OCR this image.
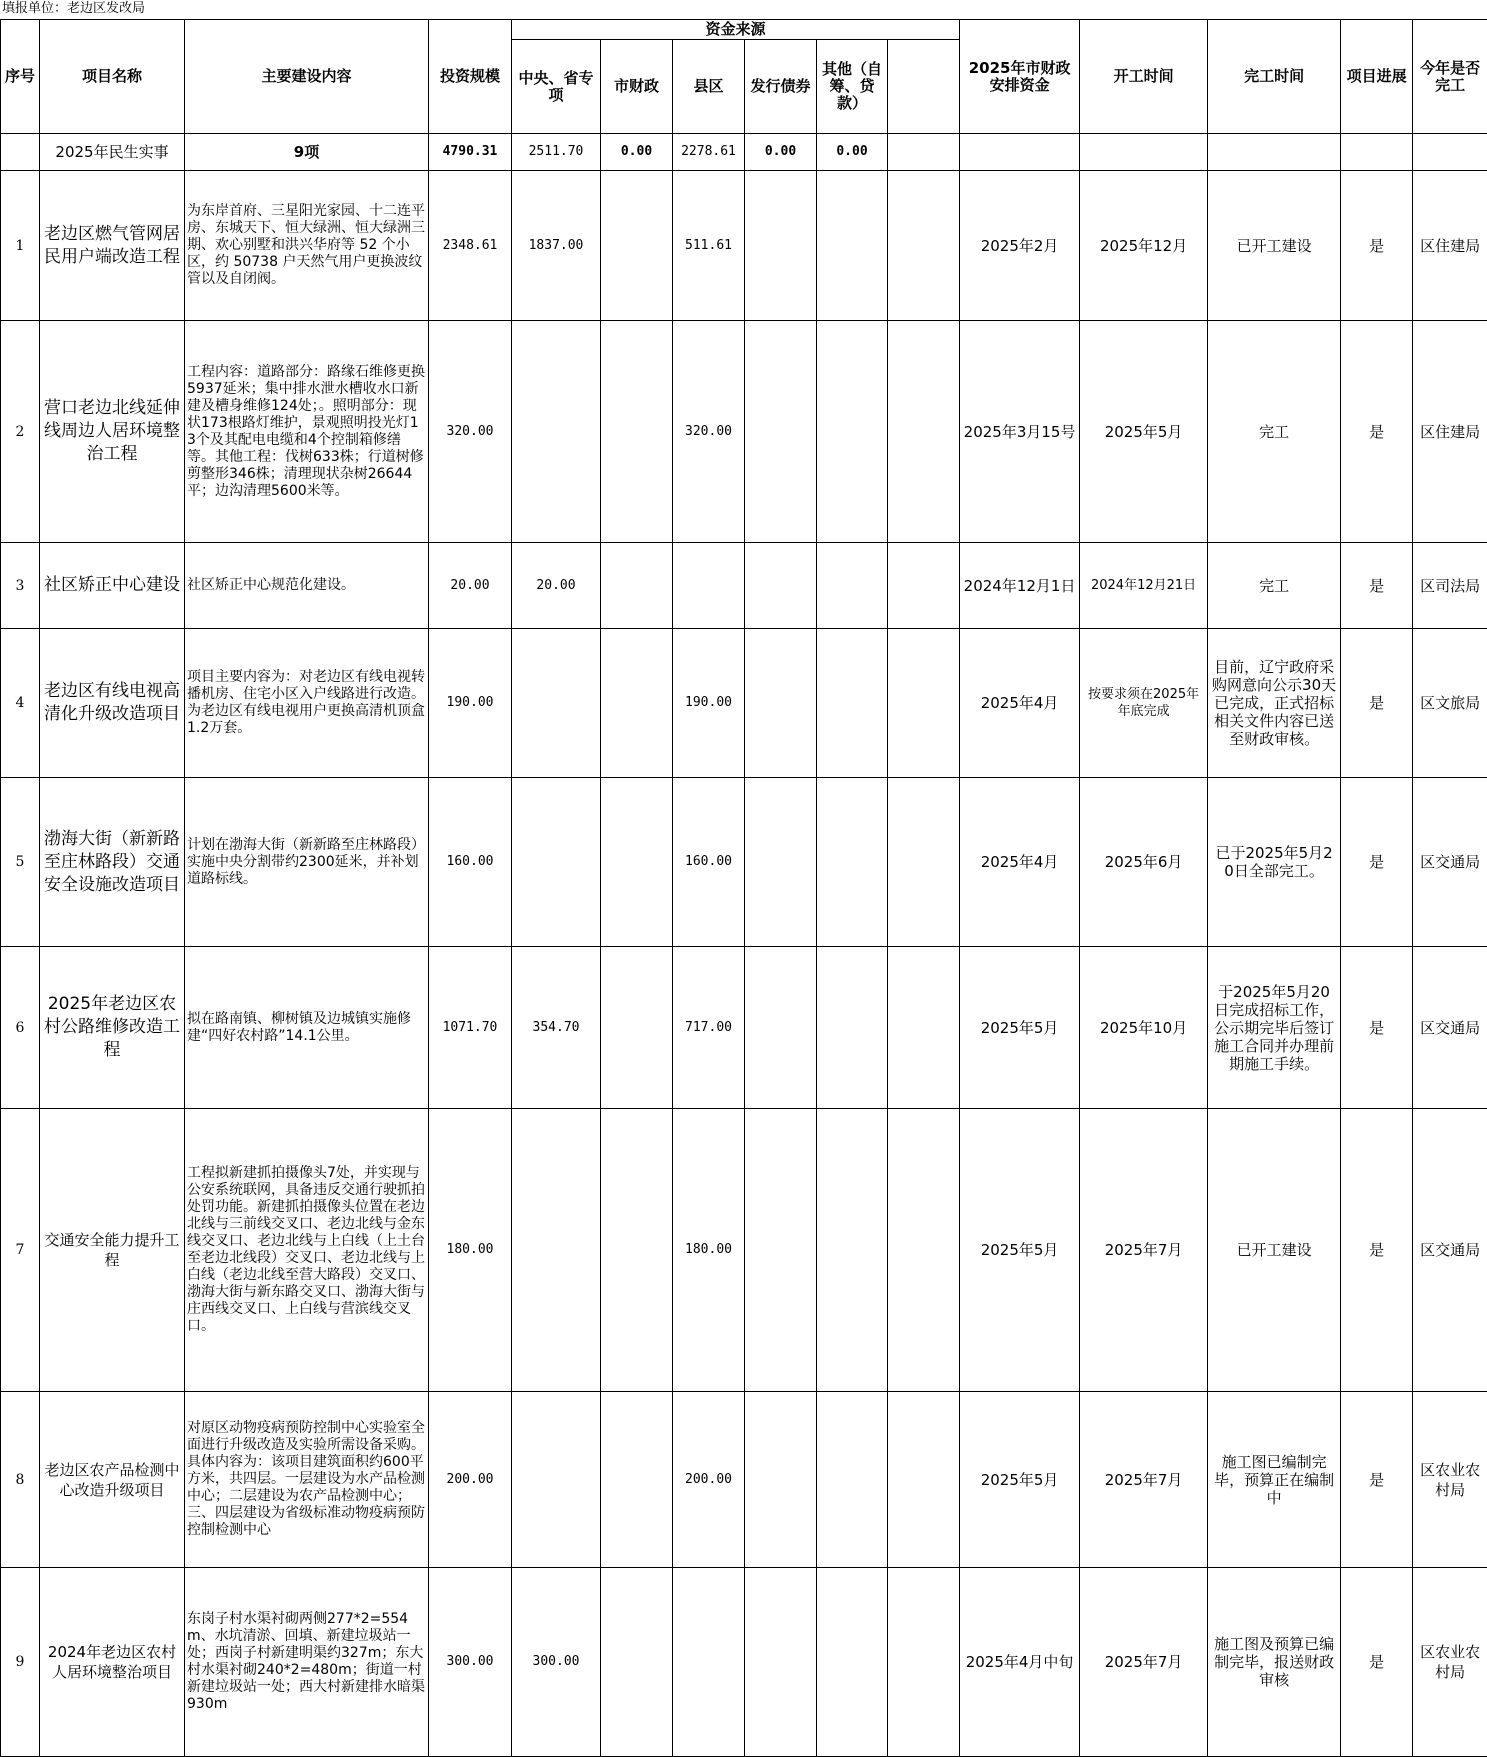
填报单位：老边区发改局
序号	项目名称	主要建设内容	投资规模	资金来源						2025年市财政安排资金	开工时间	完工时间	项目进展	今年是否完工	
				中央、省专项	市财政	县区	发行债券	其他（自筹、贷款）							
	2025年民生实事	9项	4790.31	2511.70	0.00	2278.61	0.00	0.00							
1	老边区燃气管网居民用户端改造工程	为东岸首府、三星阳光家园、十二连平房、东城天下、恒大绿洲、恒大绿洲三期、欢心别墅和洪兴华府等 52 个小区，约 50738 户天然气用户更换波纹管以及自闭阀。	2348.61	1837.00		511.61				2025年2月	2025年12月	已开工建设	是	区住建局	
2	营口老边北线延伸线周边人居环境整治工程	工程内容：道路部分：路缘石维修更换5937延米；集中排水泄水槽收水口新建及槽身维修124处；。照明部分：现状173根路灯维护，景观照明投光灯13个及其配电电缆和4个控制箱修缮等。其他工程：伐树633株；行道树修剪整形346株；清理现状杂树26644平；边沟清理5600米等。	320.00			320.00				2025年3月15号	2025年5月	完工	是	区住建局	
3	社区矫正中心建设	社区矫正中心规范化建设。	20.00	20.00						2024年12月1日	2024年12月21日	完工	是	区司法局	
4	老边区有线电视高清化升级改造项目	项目主要内容为：对老边区有线电视转播机房、住宅小区入户线路进行改造。为老边区有线电视用户更换高清机顶盒1.2万套。	190.00			190.00				2025年4月	按要求须在2025年年底完成	目前，辽宁政府采购网意向公示30天已完成，正式招标相关文件内容已送至财政审核。	是	区文旅局	
5	渤海大街（新新路至庄林路段）交通安全设施改造项目	计划在渤海大街（新新路至庄林路段）实施中央分割带约2300延米，并补划道路标线。	160.00			160.00				2025年4月	2025年6月	已于2025年5月20日全部完工。	是	区交通局	
6	2025年老边区农村公路维修改造工程	拟在路南镇、柳树镇及边城镇实施修建“四好农村路”14.1公里。	1071.70	354.70		717.00				2025年5月	2025年10月	于2025年5月20日完成招标工作，公示期完毕后签订施工合同并办理前期施工手续。	是	区交通局	
7	交通安全能力提升工程	工程拟新建抓拍摄像头7处，并实现与公安系统联网，具备违反交通行驶抓拍处罚功能。新建抓拍摄像头位置在老边北线与三前线交叉口、老边北线与金东线交叉口、老边北线与上白线（上土台至老边北线段）交叉口、老边北线与上白线（老边北线至营大路段）交叉口、渤海大街与新东路交叉口、渤海大街与庄西线交叉口、上白线与营滨线交叉口。	180.00			180.00				2025年5月	2025年7月	已开工建设	是	区交通局	
8	老边区农产品检测中心改造升级项目	对原区动物疫病预防控制中心实验室全面进行升级改造及实验所需设备采购。具体内容为：该项目建筑面积约600平方米，共四层。一层建设为水产品检测中心；二层建设为农产品检测中心；三、四层建设为省级标准动物疫病预防控制检测中心	200.00			200.00				2025年5月	2025年7月	施工图已编制完毕，预算正在编制中	是	区农业农村局	
9	2024年老边区农村人居环境整治项目	东岗子村水渠衬砌两侧277*2=554m、水坑清淤、回填、新建垃圾站一处；西岗子村新建明渠约327m；东大村水渠衬砌240*2=480m；街道一村新建垃圾站一处；西大村新建排水暗渠930m	300.00	300.00						2025年4月中旬	2025年7月	施工图及预算已编制完毕，报送财政审核	是	区农业农村局	
